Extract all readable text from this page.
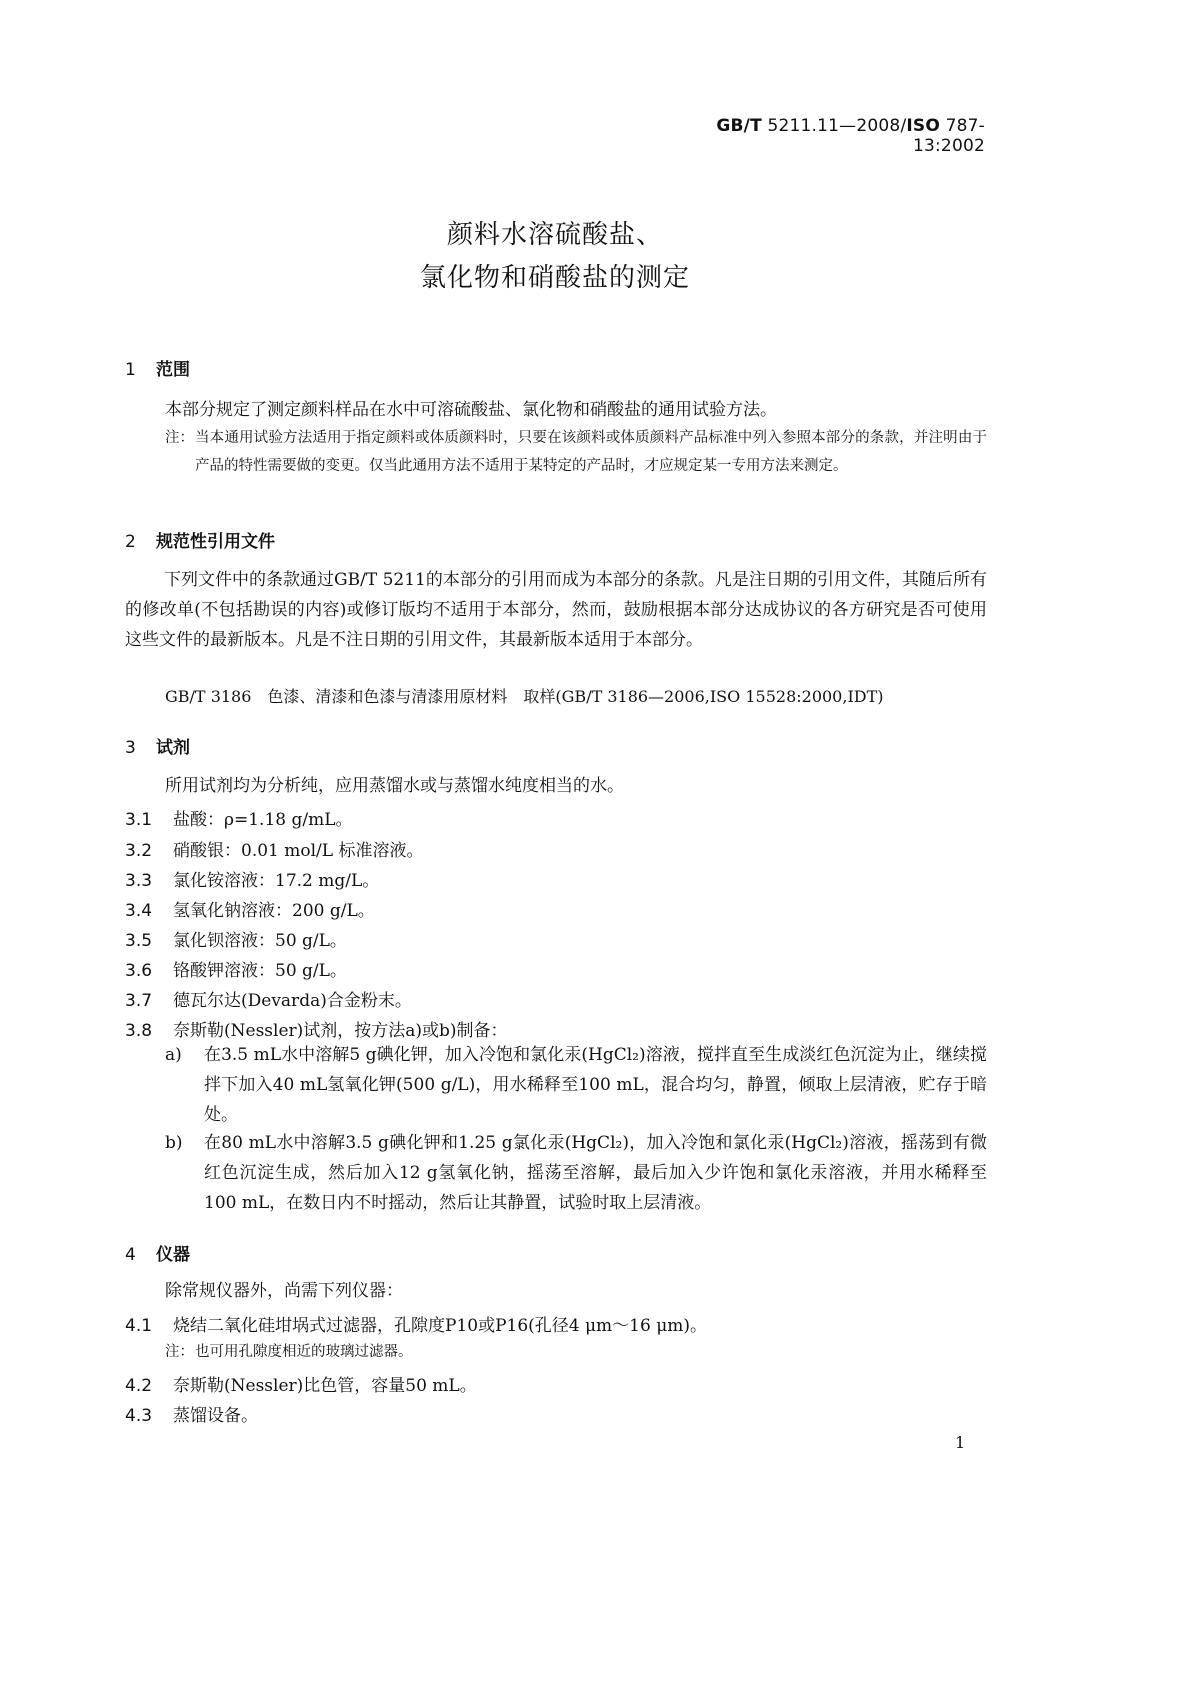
GB/T 5211.11—2008/ISO 787-13:2002
颜料水溶硫酸盐、
氯化物和硝酸盐的测定
1 范围
本部分规定了测定颜料样品在水中可溶硫酸盐、氯化物和硝酸盐的通用试验方法。
注： 当本通用试验方法适用于指定颜料或体质颜料时，只要在该颜料或体质颜料产品标准中列入参照本部分的条款，并注明由于产品的特性需要做的变更。仅当此通用方法不适用于某特定的产品时，才应规定某一专用方法来测定。
2 规范性引用文件
下列文件中的条款通过GB/T 5211的本部分的引用而成为本部分的条款。凡是注日期的引用文件，其随后所有的修改单(不包括勘误的内容)或修订版均不适用于本部分，然而，鼓励根据本部分达成协议的各方研究是否可使用这些文件的最新版本。凡是不注日期的引用文件，其最新版本适用于本部分。
GB/T 3186　色漆、清漆和色漆与清漆用原材料　取样(GB/T 3186—2006,ISO 15528:2000,IDT)
3 试剂
所用试剂均为分析纯，应用蒸馏水或与蒸馏水纯度相当的水。
3.1 盐酸：ρ=1.18 g/mL。
3.2 硝酸银：0.01 mol/L 标准溶液。
3.3 氯化铵溶液：17.2 mg/L。
3.4 氢氧化钠溶液：200 g/L。
3.5 氯化钡溶液：50 g/L。
3.6 铬酸钾溶液：50 g/L。
3.7 德瓦尔达(Devarda)合金粉末。
3.8 奈斯勒(Nessler)试剂，按方法a)或b)制备：
a)	在3.5 mL水中溶解5 g碘化钾，加入冷饱和氯化汞(HgCl₂)溶液，搅拌直至生成淡红色沉淀为止，继续搅拌下加入40 mL氢氧化钾(500 g/L)，用水稀释至100 mL，混合均匀，静置，倾取上层清液，贮存于暗处。
b)	在80 mL水中溶解3.5 g碘化钾和1.25 g氯化汞(HgCl₂)，加入冷饱和氯化汞(HgCl₂)溶液，摇荡到有微红色沉淀生成，然后加入12 g氢氧化钠，摇荡至溶解，最后加入少许饱和氯化汞溶液，并用水稀释至100 mL，在数日内不时摇动，然后让其静置，试验时取上层清液。
4 仪器
除常规仪器外，尚需下列仪器：
4.1 烧结二氧化硅坩埚式过滤器，孔隙度P10或P16(孔径4 μm～16 μm)。
注： 也可用孔隙度相近的玻璃过滤器。
4.2 奈斯勒(Nessler)比色管，容量50 mL。
4.3 蒸馏设备。
1
